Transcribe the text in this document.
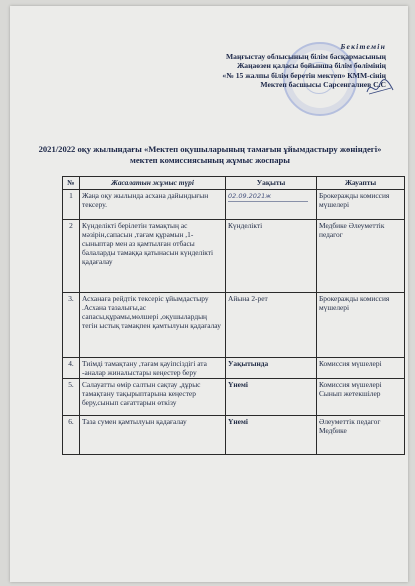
Бекітемін
Маңғыстау облысының білім басқармасының
Жаңаөзен қаласы бойынша білім бөлімінің
«№ 15 жалпы білім беретін мектеп» КММ-сінің
Мектеп басшысы Сарсенгалиев С.С
2021/2022 оқу жылындағы «Мектеп оқушыларының тамағын ұйымдастыру жөніндегі» мектеп комиссиясының жұмыс жоспары
№	Жасалатын жұмыс түрі	Уақыты	Жауапты
1	Жаңа оқу жылында асхана дайындығын тексеру.	02.09.2021ж	Брокеражды комиссия мүшелері
2	Күнделікті берілетін тамақтың ас мәзірін,сапасын ,тағам құрамын ,1-сыныптар мен аз қамтылған отбасы балаларды тамаққа қатынасын күнделікті қадағалау	Күнделікті	Медбике Әлеуметтік педагог
3.	Асханаға рейдтік тексеріс ұйымдастыру .Асхана тазалығы,ас сапасы,құрамы,мөлшері ,оқушылардың тегін ыстық тамақпен қамтылуын қадағалау	Айына 2-рет	Брокеражды комиссия мүшелері
4.	Тиімді тамақтану ,тағам қауіпсіздігі ата -аналар жиналыстары кеңестер беру	Уақытында	Комиссия мүшелері
5.	Салауатты өмір салтын сақтау ,дұрыс тамақтану тақырыптарына кеңестер беру,сынып сағаттарын өткізу	Үнемі	Комиссия мүшелері Сынып жетекшілер
6.	Таза сумен қамтылуын қадағалау	Үнемі	Әлеуметтік педагог Медбике
